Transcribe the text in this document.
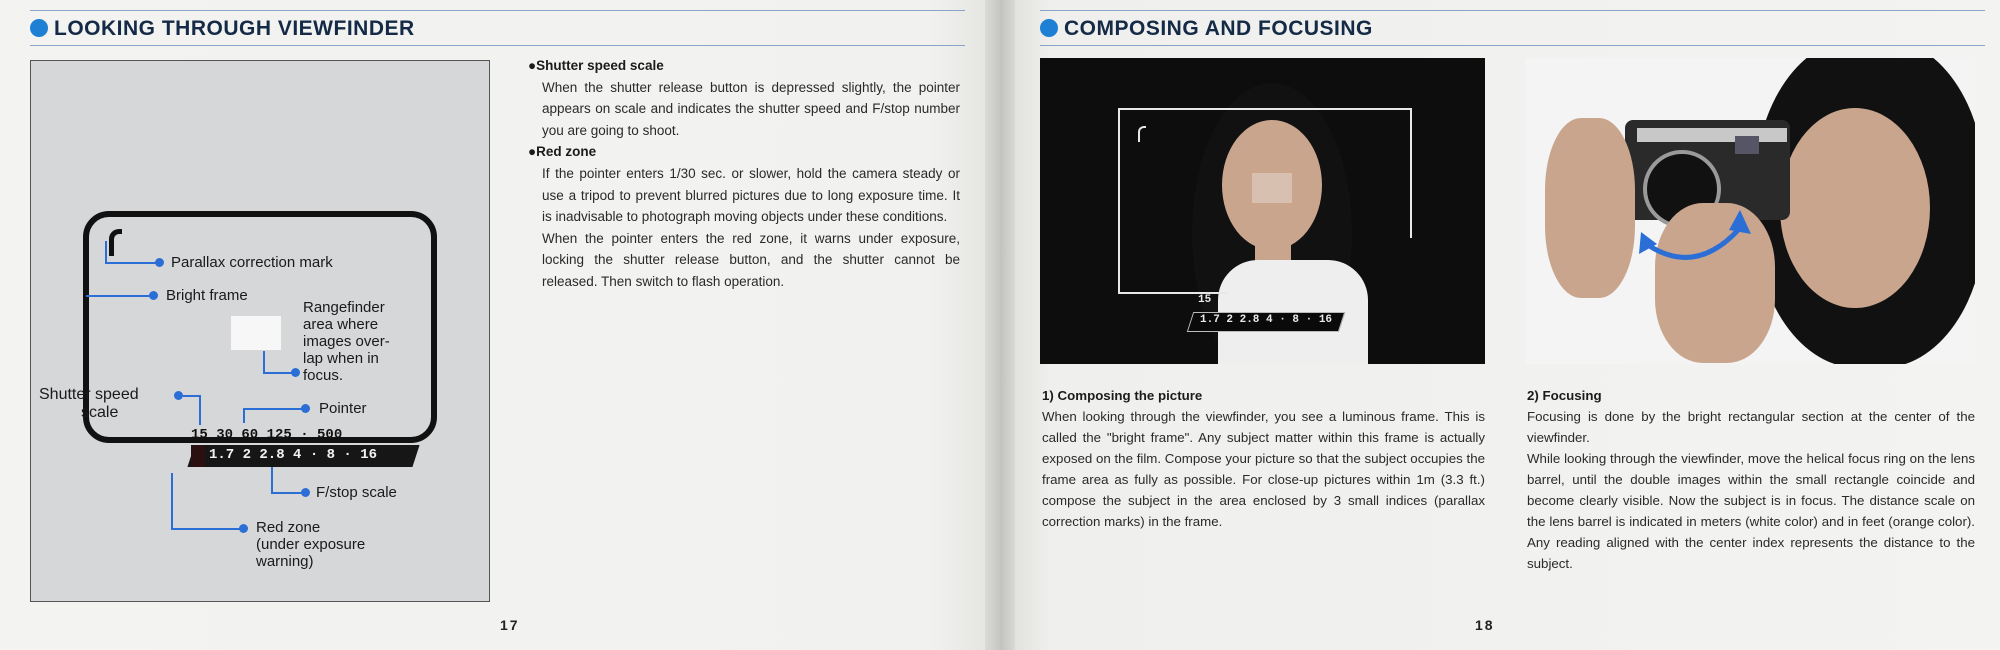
LOOKING THROUGH VIEWFINDER
15 30 60 125 · 500
1.7 2 2.8 4 · 8 · 16
Parallax correction mark
Bright frame
Rangefinder
area where
images over-
lap when in
focus.
Shutter speed
scale	Pointer
F/stop scale
Red zone
(under exposure
warning)
●Shutter speed scale

When the shutter release button is depressed slightly, the pointer appears on scale and indicates the shutter speed and F/stop number you are going to shoot.

●Red zone

If the pointer enters 1/30 sec. or slower, hold the camera steady or use a tripod to prevent blurred pictures due to long exposure time. It is inadvisable to photograph moving objects under these conditions.

When the pointer enters the red zone, it warns under exposure, locking the shutter release button, and the shutter cannot be released. Then switch to flash operation.

17
COMPOSING AND FOCUSING
18
15
1.7 2 2.8 4 · 8 · 16
1) Composing the picture

When looking through the viewfinder, you see a luminous frame. This is called the "bright frame". Any subject matter within this frame is actually exposed on the film. Compose your picture so that the subject occupies the frame area as fully as possible. For close-up pictures within 1m (3.3 ft.) compose the subject in the area enclosed by 3 small indices (parallax correction marks) in the frame.

2) Focusing

Focusing is done by the bright rectangular section at the center of the viewfinder.

While looking through the viewfinder, move the helical focus ring on the lens barrel, until the double images within the small rectangle coincide and become clearly visible. Now the subject is in focus. The distance scale on the lens barrel is indicated in meters (white color) and in feet (orange color). Any reading aligned with the center index represents the distance to the subject.
